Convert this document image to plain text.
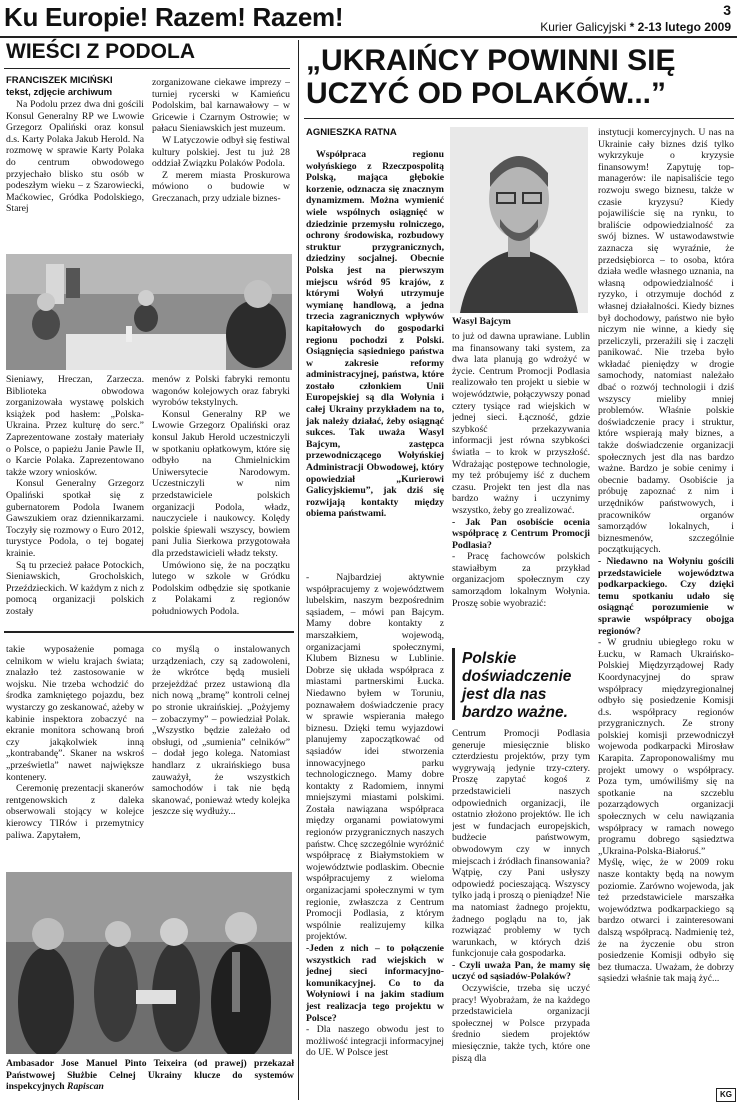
Ku Europie! Razem! Razem!	3
Kurier Galicyjski * 2-13 lutego 2009
WIEŚCI Z PODOLA
FRANCISZEK MICIŃSKI
tekst, zdjęcie archiwum

Na Podolu przez dwa dni gościli Konsul Generalny RP we Lwowie Grzegorz Opaliński oraz konsul d.s. Karty Polaka Jakub Herold. Na rozmowę w sprawie Karty Polaka do centrum obwodowego przyjechało blisko stu osób w podeszłym wieku – z Szarowiecki, Maćkowiec, Gródka Podolskiego, Starej

zorganizowane ciekawe imprezy – turniej rycerski w Kamieńcu Podolskim, bal karnawałowy – w Gricewie i Czarnym Ostrowie; w pałacu Sieniawskich jest muzeum.

W Latyczowie odbył się festiwal kultury polskiej. Jest tu już 28 oddział Związku Polaków Podola.

Z merem miasta Proskurowa mówiono o budowie w Greczanach, przy udziale biznes-

Sieniawy, Hreczan, Zarzecza. Biblioteka obwodowa zorganizowała wystawę polskich książek pod hasłem: „Polska-Ukraina. Przez kulturę do serc.” Zaprezentowane zostały materiały o Polsce, o papieżu Janie Pawle II, o Karcie Polaka. Zaprezentowano także wzory wniosków.

Konsul Generalny Grzegorz Opaliński spotkał się z gubernatorem Podola Iwanem Gawszukiem oraz dziennikarzami. Toczyły się rozmowy o Euro 2012, turystyce Podola, o tej bogatej krainie.

Są tu przecież pałace Potockich, Sieniawskich, Grocholskich, Przeździeckich. W każdym z nich z pomocą organizacji polskich zostały

menów z Polski fabryki remontu wagonów kolejowych oraz fabryki wyrobów tekstylnych.

Konsul Generalny RP we Lwowie Grzegorz Opaliński oraz konsul Jakub Herold uczestniczyli w spotkaniu opłatkowym, które się odbyło na Chmielnickim Uniwersytecie Narodowym. Uczestniczyli w nim przedstawiciele polskich organizacji Podola, władz, nauczyciele i naukowcy. Kolędy polskie śpiewali wszyscy, bowiem pani Julia Sierkowa przygotowała dla przedstawicieli władz teksty.

Umówiono się, że na początku lutego w szkole w Gródku Podolskim odbędzie się spotkanie z Polakami z regionów południowych Podola.

takie wyposażenie pomaga celnikom w wielu krajach świata; znalazło też zastosowanie w wojsku. Nie trzeba wchodzić do środka zamkniętego pojazdu, bez wystarczy go zeskanować, ażeby w kabinie inspektora zobaczyć na ekranie monitora schowaną broń czy jakąkolwiek inną „kontrabandę”. Skaner na wskroś „prześwietla” nawet największe kontenery.

Ceremonię prezentacji skanerów rentgenowskich z daleka obserwowali stojący w kolejce kierowcy TIRów i przemytnicy paliwa. Zapytałem,

co myślą o instalowanych urządzeniach, czy są zadowoleni, że wkrótce będą musieli przejeżdżać przez ustawioną dla nich nową „bramę” kontroli celnej po stronie ukraińskiej. „Pożyjemy – zobaczymy” – powiedział Polak. „Wszystko będzie zależało od obsługi, od „sumienia” celników” – dodał jego kolega. Natomiast handlarz z ukraińskiego busa zauważył, że wszystkich samochodów i tak nie będą skanować, ponieważ wtedy kolejka jeszcze się wydłuży...

Ambasador Jose Manuel Pinto Teixeira (od prawej) przekazał Państwowej Służbie Celnej Ukrainy klucze do systemów inspekcyjnych Rapiscan
„UKRAIŃCY POWINNI SIĘ UCZYĆ OD POLAKÓW...”
AGNIESZKA RATNA

Współpraca regionu wołyńskiego z Rzeczpospolitą Polską, mająca głębokie korzenie, odznacza się znacznym dynamizmem. Można wymienić wiele wspólnych osiągnięć w dziedzinie przemysłu rolniczego, ochrony środowiska, rozbudowy struktur przygranicznych, dziedziny socjalnej. Obecnie Polska jest na pierwszym miejscu wśród 95 krajów, z którymi Wołyń utrzymuje wymianę handlową, a jedna trzecia zagranicznych wpływów kapitałowych do gospodarki regionu pochodzi z Polski. Osiągnięcia sąsiedniego państwa w zakresie reformy administracyjnej, państwa, które zostało członkiem Unii Europejskiej są dla Wołynia i całej Ukrainy przykładem na to, jak należy działać, żeby osiągnąć sukces. Tak uważa Wasyl Bajcym, zastępca przewodniczącego Wołyńskiej Administracji Obwodowej, który opowiedział „Kurierowi Galicyjskiemu”, jak dziś się rozwijają kontakty między obiema państwami.

- Najbardziej aktywnie współpracujemy z województwem lubelskim, naszym bezpośrednim sąsiadem, – mówi pan Bajcym. Mamy dobre kontakty z marszałkiem, wojewodą, organizacjami społecznymi, Klubem Biznesu w Lublinie. Dobrze się układa współpraca z miastami partnerskimi Łucka. Niedawno byłem w Toruniu, poznawałem doświadczenie pracy w sprawie wspierania małego biznesu. Dzięki temu wyjazdowi planujemy zapoczątkować od sąsiadów idei stworzenia innowacyjnego parku technologicznego. Mamy dobre kontakty z Radomiem, innymi mniejszymi miastami polskimi. Została nawiązana współpraca między organami powiatowymi regionów przygranicznych naszych państw. Chcę szczególnie wyróżnić współpracę z Białymstokiem w województwie podlaskim. Obecnie współpracujemy z wieloma organizacjami społecznymi w tym regionie, zwłaszcza z Centrum Promocji Podlasia, z którym wspólnie realizujemy kilka projektów.

-Jeden z nich – to połączenie wszystkich rad wiejskich w jednej sieci informacyjno-komunikacyjnej. Co to da Wołyniowi i na jakim stadium jest realizacja tego projektu w Polsce?

- Dla naszego obwodu jest to możliwość integracji informacyjnej do UE. W Polsce jest

Wasyl Bajcym

to już od dawna uprawiane. Lublin ma finansowany taki system, za dwa lata planują go wdrożyć w życie. Centrum Promocji Podlasia realizowało ten projekt u siebie w województwie, połączywszy ponad cztery tysiące rad wiejskich w jednej sieci. Łączność, gdzie szybkość przekazywania informacji jest równa szybkości światła – to krok w przyszłość. Wdrażając postępowe technologie, my też próbujemy iść z duchem czasu. Projekt ten jest dla nas bardzo ważny i uczynimy wszystko, żeby go zrealizować.

- Jak Pan osobiście ocenia współpracę z Centrum Promocji Podlasia?

- Pracę fachowców polskich stawiałbym za przykład organizacjom społecznym czy samorządom lokalnym Wołynia. Proszę sobie wyobrazić:

Polskie doświadczenie jest dla nas bardzo ważne.

Centrum Promocji Podlasia generuje miesięcznie blisko czterdziestu projektów, przy tym wygrywają jedynie trzy-cztery. Proszę zapytać kogoś z przedstawicieli naszych odpowiednich organizacji, ile ostatnio złożono projektów. Ile ich jest w fundacjach europejskich, budżecie państwowym, obwodowym czy w innych miejscach i źródłach finansowania? Wątpię, czy Pani usłyszy odpowiedź pocieszającą. Wszyscy tylko jadą i proszą o pieniądze! Nie ma natomiast żadnego projektu, żadnego poglądu na to, jak rozwiązać problemy w tych warunkach, w których dziś funkcjonuje cała gospodarka.

- Czyli uważa Pan, że mamy się uczyć od sąsiadów-Polaków?

Oczywiście, trzeba się uczyć pracy! Wyobrażam, że na każdego przedstawiciela organizacji społecznej w Polsce przypada średnio siedem projektów miesięcznie, także tych, które one piszą dla

instytucji komercyjnych. U nas na Ukrainie cały biznes dziś tylko wykrzykuje o kryzysie finansowym! Zapytuję top-managerów: ile napisaliście tego rozwoju swego biznesu, także w czasie kryzysu? Kiedy pojawiliście się na rynku, to braliście odpowiedzialność za swój biznes. W ustawodawstwie zaznacza się wyraźnie, że przedsiębiorca – to osoba, która działa wedle własnego uznania, na własną odpowiedzialność i ryzyko, i otrzymuje dochód z własnej działalności. Kiedy biznes był dochodowy, państwo nie było niczym nie winne, a kiedy się przeliczyli, przerażili się i zaczęli panikować. Nie trzeba było wkładać pieniędzy w drogie samochody, natomiast należało dbać o rozwój technologii i dziś wszyscy mieliby mniej problemów. Właśnie polskie doświadczenie pracy i struktur, które wspierają mały biznes, a także doświadczenie organizacji społecznych jest dla nas bardzo ważne. Bardzo je sobie cenimy i obecnie badamy. Osobiście ja próbuję zapoznać z nim i urzędników państwowych, i pracowników organów samorządów lokalnych, i biznesmenów, szczególnie początkujących.

- Niedawno na Wołyniu gościli przedstawiciele województwa podkarpackiego. Czy dzięki temu spotkaniu udało się osiągnąć porozumienie w sprawie współpracy obojga regionów?

- W grudniu ubiegłego roku w Łucku, w Ramach Ukraińsko-Polskiej Międzyrządowej Rady Koordynacyjnej do spraw współpracy międzyregionalnej odbyło się posiedzenie Komisji d.s. współpracy regionów przygranicznych. Ze strony polskiej komisji przewodniczył wojewoda podkarpacki Mirosław Karapita. Zaproponowaliśmy mu projekt umowy o współpracy. Poza tym, umówiliśmy się na spotkanie na szczeblu pozarządowych organizacji społecznych w celu nawiązania współpracy w ramach nowego programu dobrego sąsiedztwa „Ukraina-Polska-Białoruś.” Myślę, więc, że w 2009 roku nasze kontakty będą na nowym poziomie. Zarówno wojewoda, jak też przedstawiciele marszałka województwa podkarpackiego są bardzo otwarci i zainteresowani dalszą współpracą. Nadmienię też, że na życzenie obu stron posiedzenie Komisji odbyło się bez tłumacza. Uważam, że dobrzy sąsiedzi właśnie tak mają żyć...

KG
